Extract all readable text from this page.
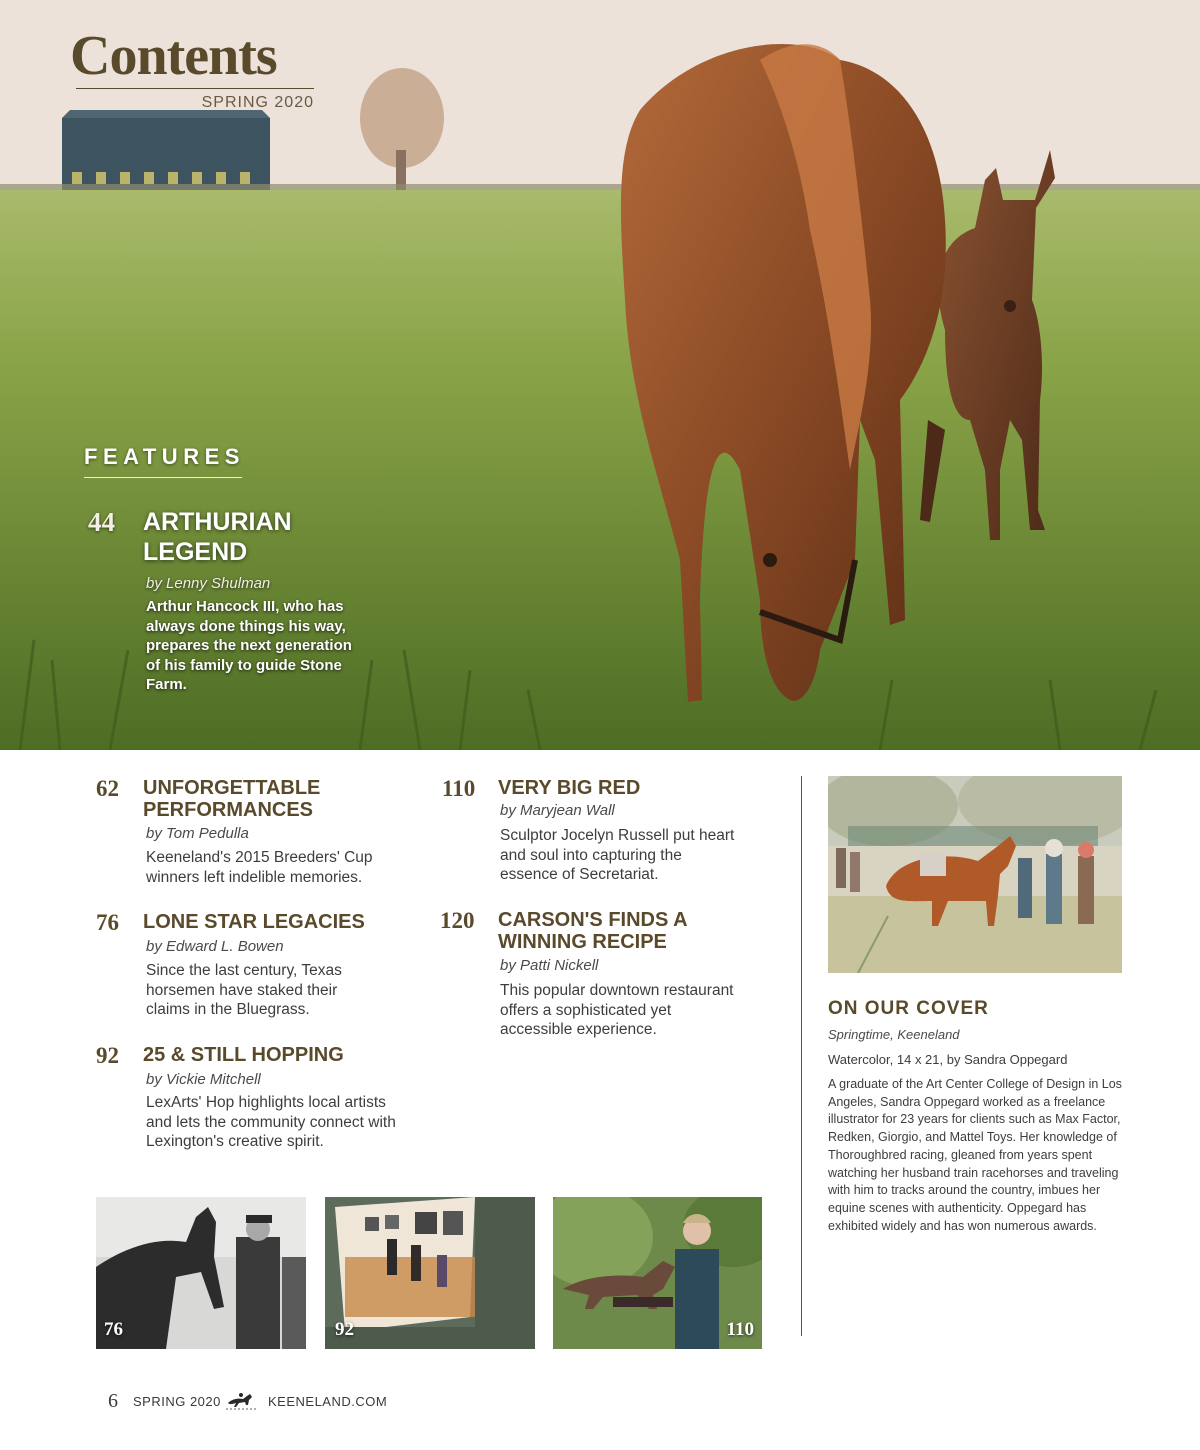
Contents
SPRING 2020
FEATURES
44 ARTHURIAN LEGEND
by Lenny Shulman
Arthur Hancock III, who has always done things his way, prepares the next generation of his family to guide Stone Farm.
62 UNFORGETTABLE PERFORMANCES
by Tom Pedulla
Keeneland's 2015 Breeders' Cup winners left indelible memories.
76 LONE STAR LEGACIES
by Edward L. Bowen
Since the last century, Texas horsemen have staked their claims in the Bluegrass.
92 25 & STILL HOPPING
by Vickie Mitchell
LexArts' Hop highlights local artists and lets the community connect with Lexington's creative spirit.
110 VERY BIG RED
by Maryjean Wall
Sculptor Jocelyn Russell put heart and soul into capturing the essence of Secretariat.
120 CARSON'S FINDS A WINNING RECIPE
by Patti Nickell
This popular downtown restaurant offers a sophisticated yet accessible experience.
ON OUR COVER
Springtime, Keeneland
Watercolor, 14 x 21, by Sandra Oppegard
A graduate of the Art Center College of Design in Los Angeles, Sandra Oppegard worked as a freelance illustrator for 23 years for clients such as Max Factor, Redken, Giorgio, and Mattel Toys. Her knowledge of Thoroughbred racing, gleaned from years spent watching her husband train racehorses and traveling with him to tracks around the country, imbues her equine scenes with authenticity. Oppegard has exhibited widely and has won numerous awards.
76	92	110
6 SPRING 2020	KEENELAND.COM
